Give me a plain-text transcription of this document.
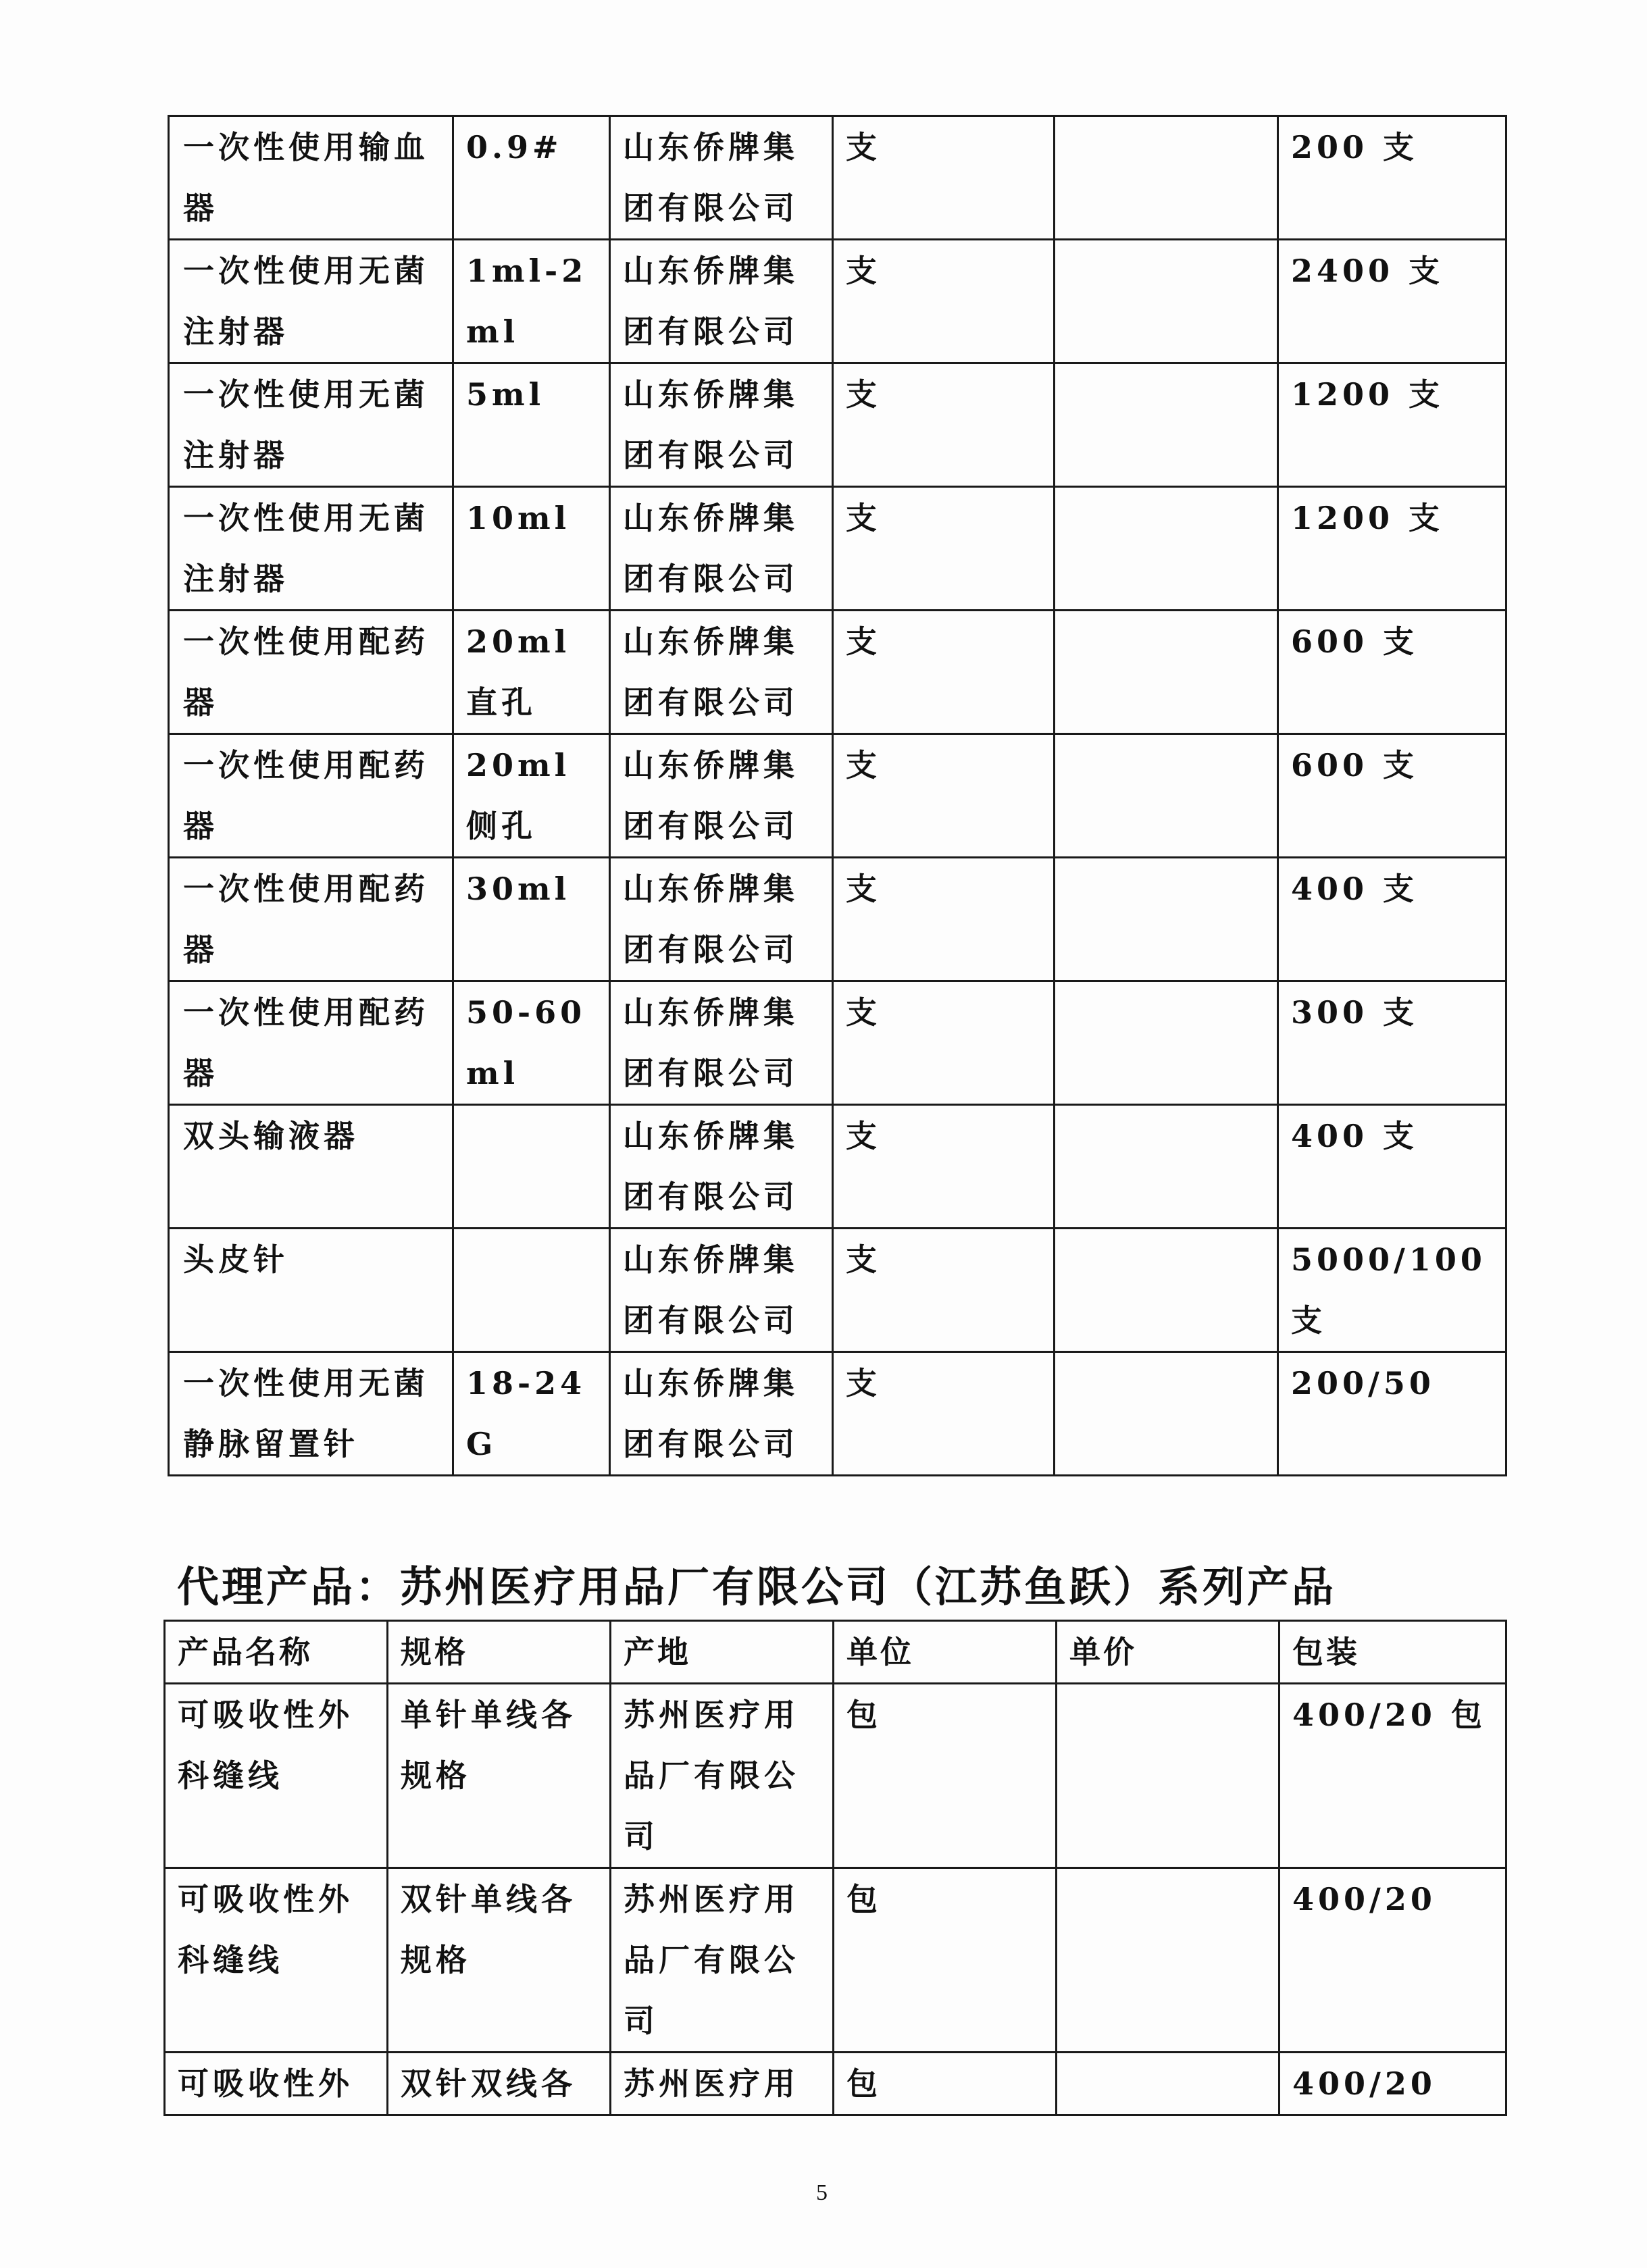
一次性使用输血器	0.9#	山东侨牌集团有限公司	支		200 支
一次性使用无菌注射器	1ml-2ml	山东侨牌集团有限公司	支		2400 支
一次性使用无菌注射器	5ml	山东侨牌集团有限公司	支		1200 支
一次性使用无菌注射器	10ml	山东侨牌集团有限公司	支		1200 支
一次性使用配药器	20ml 直孔	山东侨牌集团有限公司	支		600 支
一次性使用配药器	20ml 侧孔	山东侨牌集团有限公司	支		600 支
一次性使用配药器	30ml	山东侨牌集团有限公司	支		400 支
一次性使用配药器	50-60ml	山东侨牌集团有限公司	支		300 支
双头输液器		山东侨牌集团有限公司	支		400 支
头皮针		山东侨牌集团有限公司	支		5000/100 支
一次性使用无菌静脉留置针	18-24G	山东侨牌集团有限公司	支		200/50
代理产品：苏州医疗用品厂有限公司（江苏鱼跃）系列产品
产品名称	规格	产地	单位	单价	包装
可吸收性外科缝线	单针单线各规格	苏州医疗用品厂有限公司	包		400/20 包
可吸收性外科缝线	双针单线各规格	苏州医疗用品厂有限公司	包		400/20
可吸收性外	双针双线各	苏州医疗用	包		400/20
5
